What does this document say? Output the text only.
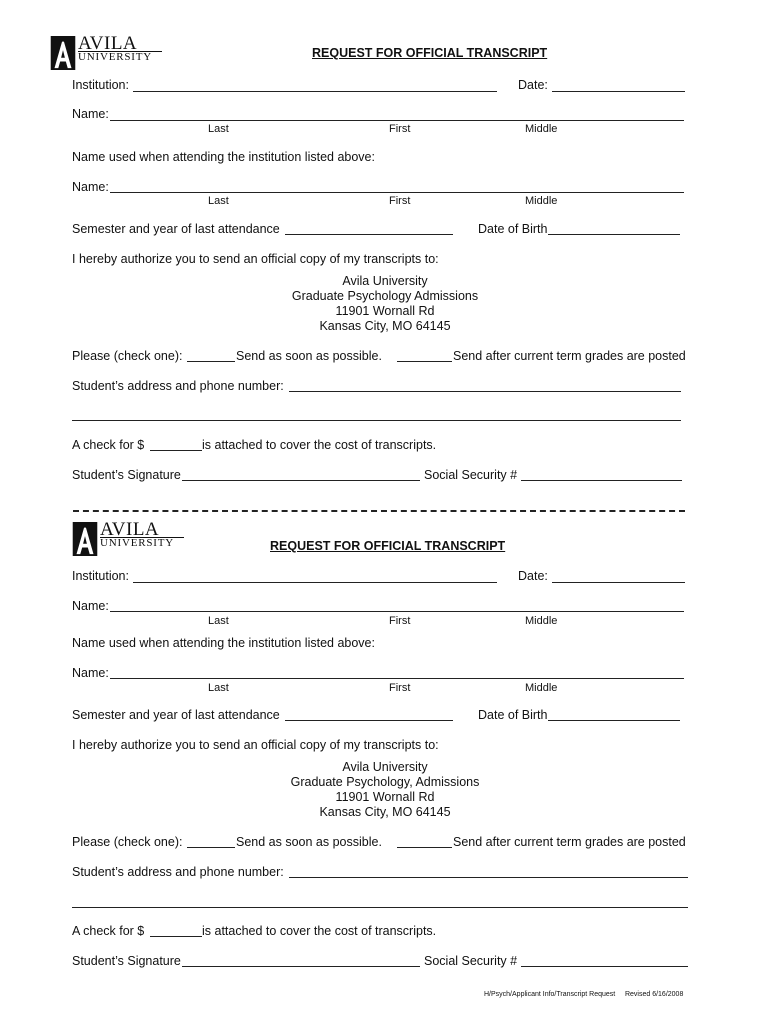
AVILA
UNIVERSITY	REQUEST FOR OFFICIAL TRANSCRIPT
Institution:	Date:
Name:
Last	First	Middle
Name used when attending the institution listed above:
Name:
Last	First	Middle
Semester and year of last attendance	Date of Birth
I hereby authorize you to send an official copy of my transcripts to:
Avila University
Graduate Psychology Admissions
11901 Wornall Rd
Kansas City, MO 64145
Please (check one):	Send as soon as possible.	Send after current term grades are posted
Student’s address and phone number:
A check for $	is attached to cover the cost of transcripts.
Student’s Signature	Social Security #
AVILA
UNIVERSITY	REQUEST FOR OFFICIAL TRANSCRIPT
Institution:	Date:
Name:
Last	First	Middle
Name used when attending the institution listed above:
Name:
Last	First	Middle
Semester and year of last attendance	Date of Birth
I hereby authorize you to send an official copy of my transcripts to:
Avila University
Graduate Psychology, Admissions
11901 Wornall Rd
Kansas City, MO 64145
Please (check one):	Send as soon as possible.	Send after current term grades are posted
Student’s address and phone number:
A check for $	is attached to cover the cost of transcripts.
Student’s Signature	Social Security #
H/Psych/Applicant Info/Transcript Request     Revised 6/16/2008
